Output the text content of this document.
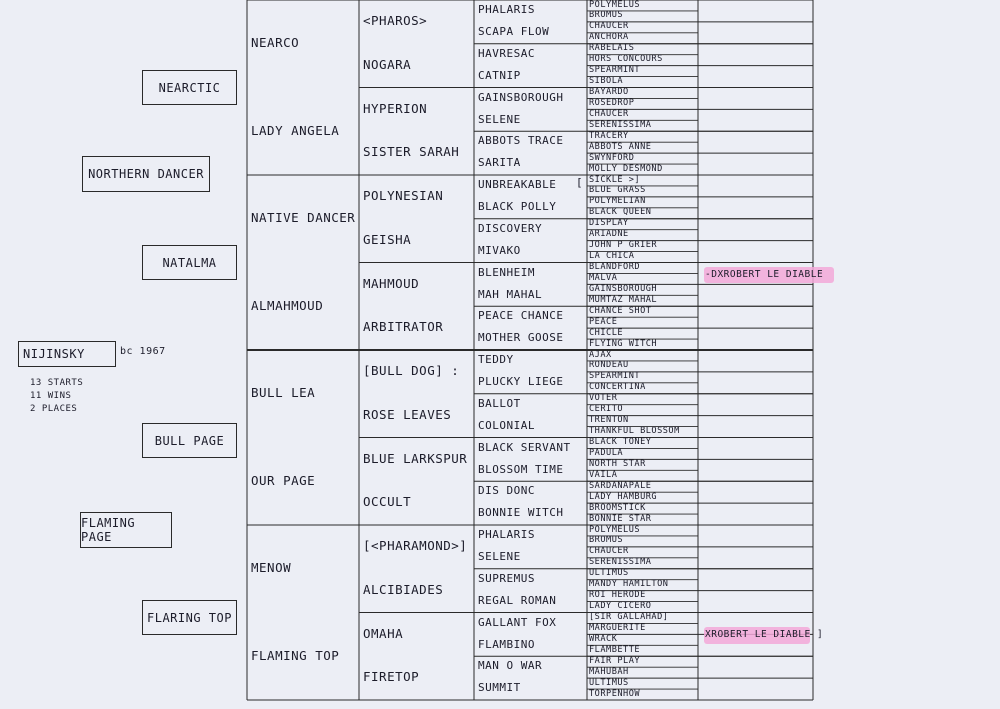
NIJINSKY	bc 1967
13 STARTS
11 WINS
2 PLACES
NEARCTIC
NORTHERN DANCER
NATALMA
BULL PAGE
FLAMING PAGE
FLARING TOP
NEARCO
LADY ANGELA
NATIVE DANCER
ALMAHMOUD
BULL LEA
OUR PAGE
MENOW
FLAMING TOP
<PHAROS>
NOGARA
HYPERION
SISTER SARAH
POLYNESIAN
GEISHA
MAHMOUD
ARBITRATOR
[BULL DOG] :
ROSE LEAVES
BLUE LARKSPUR
OCCULT
[<PHARAMOND>]
ALCIBIADES
OMAHA
FIRETOP
PHALARIS
SCAPA FLOW
HAVRESAC
CATNIP
GAINSBOROUGH
SELENE
ABBOTS TRACE
SARITA
UNBREAKABLE
BLACK POLLY
DISCOVERY
MIVAKO
BLENHEIM
MAH MAHAL
PEACE CHANCE
MOTHER GOOSE
TEDDY
PLUCKY LIEGE
BALLOT
COLONIAL
BLACK SERVANT
BLOSSOM TIME
DIS DONC
BONNIE WITCH
PHALARIS
SELENE
SUPREMUS
REGAL ROMAN
GALLANT FOX
FLAMBINO
MAN O WAR
SUMMIT
POLYMELUS
BROMUS
CHAUCER
ANCHORA
RABELAIS
HORS CONCOURS
SPEARMINT
SIBOLA
BAYARDO
ROSEDROP
CHAUCER
SERENISSIMA
TRACERY
ABBOTS ANNE
SWYNFORD
MOLLY DESMOND
SICKLE >]
BLUE GRASS
POLYMELIAN
BLACK QUEEN
DISPLAY
ARIADNE
JOHN P GRIER
LA CHICA
BLANDFORD
MALVA
GAINSBOROUGH
MUMTAZ MAHAL
CHANCE SHOT
PEACE
CHICLE
FLYING WITCH
AJAX
RONDEAU
SPEARMINT
CONCERTINA
VOTER
CERITO
TRENTON
THANKFUL BLOSSOM
BLACK TONEY
PADULA
NORTH STAR
VAILA
SARDANAPALE
LADY HAMBURG
BROOMSTICK
BONNIE STAR
POLYMELUS
BROMUS
CHAUCER
SERENISSIMA
ULTIMUS
MANDY HAMILTON
ROI HERODE
LADY CICERO
[SIR GALLAHAD]
MARGUERITE
WRACK
FLAMBETTE
FAIR PLAY
MAHUBAH
ULTIMUS
TORPENHOW
-DXROBERT LE DIABLE
XROBERT LE DIABLE ]
[
